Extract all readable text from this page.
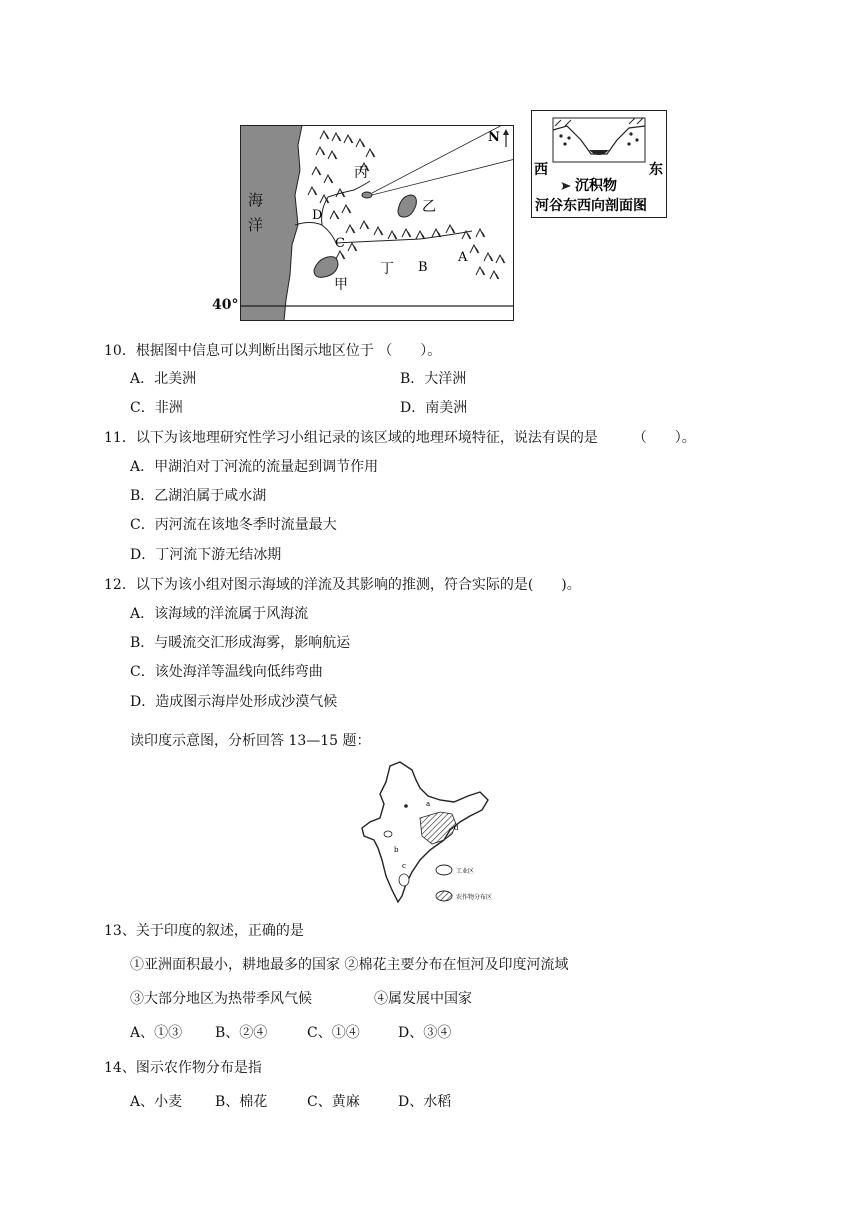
海
洋
N
丙
乙
D
C
甲
丁 B
A
40°
西	东
沉积物
河谷东西向剖面图
10．根据图中信息可以判断出图示地区位于 （　　）。
A．北美洲	B．大洋洲
C．非洲	D．南美洲
11．以下为该地理研究性学习小组记录的该区域的地理环境特征，说法有误的是　　　（　　）。
A．甲湖泊对丁河流的流量起到调节作用
B．乙湖泊属于咸水湖
C．丙河流在该地冬季时流量最大
D．丁河流下游无结冰期
12．以下为该小组对图示海域的洋流及其影响的推测，符合实际的是(　　)。
A．该海域的洋流属于风海流
B．与暖流交汇形成海雾，影响航运
C．该处海洋等温线向低纬弯曲
D．造成图示海岸处形成沙漠气候
读印度示意图，分析回答 13—15 题：
b
c
d
a
工业区
农作物分布区
13、关于印度的叙述，正确的是
①亚洲面积最小，耕地最多的国家 ②棉花主要分布在恒河及印度河流域
③大部分地区为热带季风气候	④属发展中国家
A、①③ B、②④	C、①④	D、③④
14、图示农作物分布是指
A、小麦 B、棉花	C、黄麻	D、水稻
